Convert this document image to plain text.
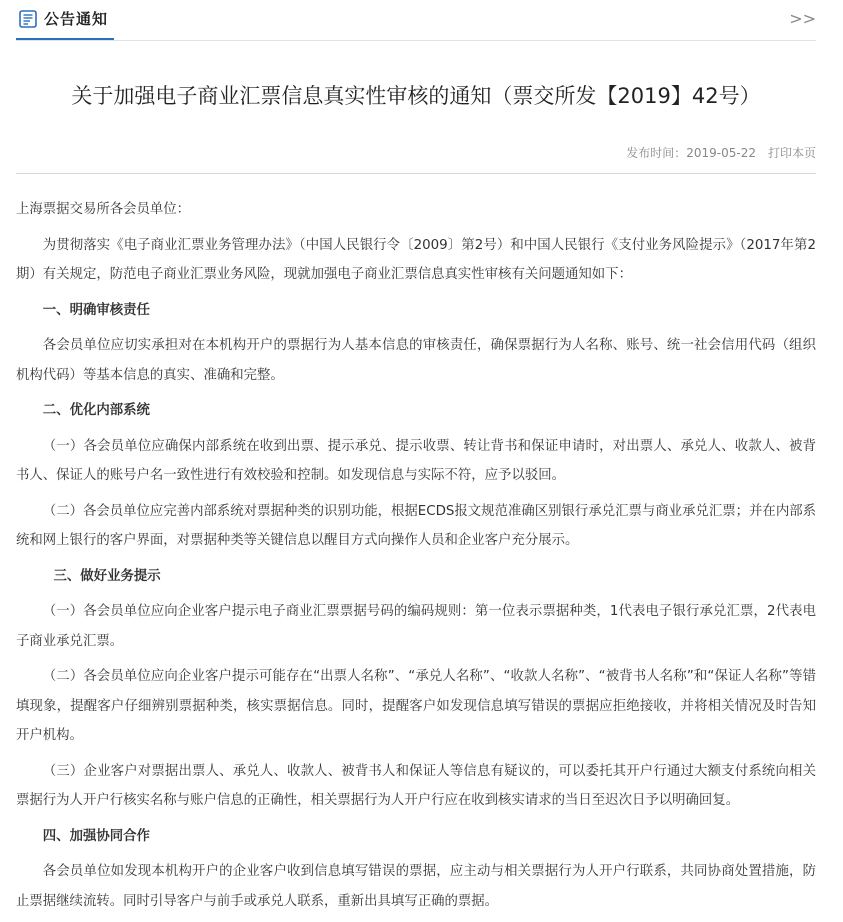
公告通知	>>
关于加强电子商业汇票信息真实性审核的通知（票交所发【2019】42号）
发布时间：2019-05-22 打印本页

上海票据交易所各会员单位：

为贯彻落实《电子商业汇票业务管理办法》（中国人民银行令〔2009〕第2号）和中国人民银行《支付业务风险提示》（2017年第2期）有关规定，防范电子商业汇票业务风险，现就加强电子商业汇票信息真实性审核有关问题通知如下：

一、明确审核责任

各会员单位应切实承担对在本机构开户的票据行为人基本信息的审核责任，确保票据行为人名称、账号、统一社会信用代码（组织机构代码）等基本信息的真实、准确和完整。

二、优化内部系统

（一）各会员单位应确保内部系统在收到出票、提示承兑、提示收票、转让背书和保证申请时，对出票人、承兑人、收款人、被背书人、保证人的账号户名一致性进行有效校验和控制。如发现信息与实际不符，应予以驳回。

（二）各会员单位应完善内部系统对票据种类的识别功能，根据ECDS报文规范准确区别银行承兑汇票与商业承兑汇票；并在内部系统和网上银行的客户界面，对票据种类等关键信息以醒目方式向操作人员和企业客户充分展示。

三、做好业务提示

（一）各会员单位应向企业客户提示电子商业汇票票据号码的编码规则：第一位表示票据种类，1代表电子银行承兑汇票，2代表电子商业承兑汇票。

（二）各会员单位应向企业客户提示可能存在“出票人名称”、“承兑人名称”、“收款人名称”、“被背书人名称”和“保证人名称”等错填现象，提醒客户仔细辨别票据种类，核实票据信息。同时，提醒客户如发现信息填写错误的票据应拒绝接收，并将相关情况及时告知开户机构。

（三）企业客户对票据出票人、承兑人、收款人、被背书人和保证人等信息有疑议的，可以委托其开户行通过大额支付系统向相关票据行为人开户行核实名称与账户信息的正确性，相关票据行为人开户行应在收到核实请求的当日至迟次日予以明确回复。

四、加强协同合作

各会员单位如发现本机构开户的企业客户收到信息填写错误的票据，应主动与相关票据行为人开户行联系，共同协商处置措施，防止票据继续流转。同时引导客户与前手或承兑人联系，重新出具填写正确的票据。
